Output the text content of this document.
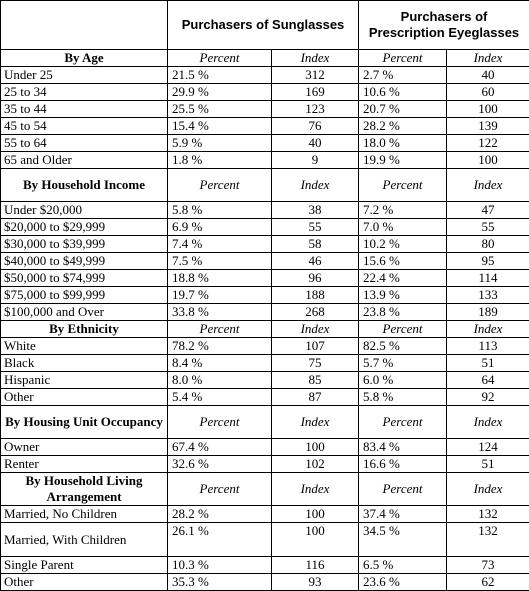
	Purchasers of Sunglasses		Purchasers of Prescription Eyeglasses	
By Age	Percent	Index	Percent	Index
Under 25	21.5 %	312	2.7 %	40
25 to 34	29.9 %	169	10.6 %	60
35 to 44	25.5 %	123	20.7 %	100
45 to 54	15.4 %	76	28.2 %	139
55 to 64	5.9 %	40	18.0 %	122
65 and Older	1.8 %	9	19.9 %	100
By Household Income	Percent	Index	Percent	Index
Under $20,000	5.8 %	38	7.2 %	47
$20,000 to $29,999	6.9 %	55	7.0 %	55
$30,000 to $39,999	7.4 %	58	10.2 %	80
$40,000 to $49,999	7.5 %	46	15.6 %	95
$50,000 to $74,999	18.8 %	96	22.4 %	114
$75,000 to $99,999	19.7 %	188	13.9 %	133
$100,000 and Over	33.8 %	268	23.8 %	189
By Ethnicity	Percent	Index	Percent	Index
White	78.2 %	107	82.5 %	113
Black	8.4 %	75	5.7 %	51
Hispanic	8.0 %	85	6.0 %	64
Other	5.4 %	87	5.8 %	92
By Housing Unit Occupancy	Percent	Index	Percent	Index
Owner	67.4 %	100	83.4 %	124
Renter	32.6 %	102	16.6 %	51
By Household Living Arrangement	Percent	Index	Percent	Index
Married, No Children	28.2 %	100	37.4 %	132
Married, With Children	26.1 %	100	34.5 %	132
Single Parent	10.3 %	116	6.5 %	73
Other	35.3 %	93	23.6 %	62
